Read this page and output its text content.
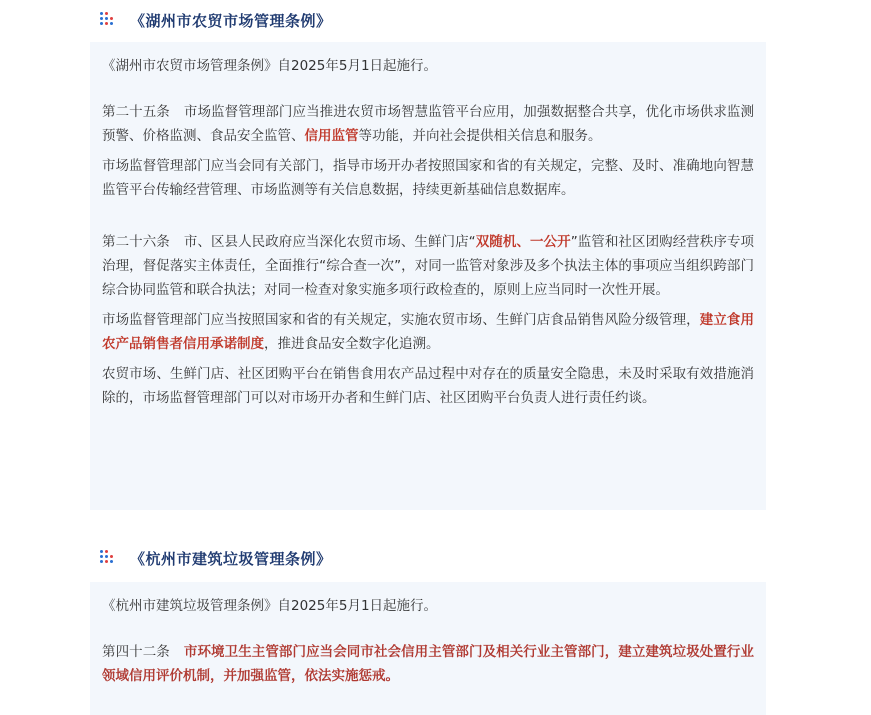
《湖州市农贸市场管理条例》

《湖州市农贸市场管理条例》自2025年5月1日起施行。

第二十五条 市场监督管理部门应当推进农贸市场智慧监管平台应用，加强数据整合共享，优化市场供求监测预警、价格监测、食品安全监管、信用监管等功能，并向社会提供相关信息和服务。

市场监督管理部门应当会同有关部门，指导市场开办者按照国家和省的有关规定，完整、及时、准确地向智慧监管平台传输经营管理、市场监测等有关信息数据，持续更新基础信息数据库。

第二十六条 市、区县人民政府应当深化农贸市场、生鲜门店“双随机、一公开”监管和社区团购经营秩序专项治理，督促落实主体责任，全面推行“综合查一次”，对同一监管对象涉及多个执法主体的事项应当组织跨部门综合协同监管和联合执法；对同一检查对象实施多项行政检查的，原则上应当同时一次性开展。

市场监督管理部门应当按照国家和省的有关规定，实施农贸市场、生鲜门店食品销售风险分级管理，建立食用农产品销售者信用承诺制度，推进食品安全数字化追溯。

农贸市场、生鲜门店、社区团购平台在销售食用农产品过程中对存在的质量安全隐患，未及时采取有效措施消除的，市场监督管理部门可以对市场开办者和生鲜门店、社区团购平台负责人进行责任约谈。

《杭州市建筑垃圾管理条例》

《杭州市建筑垃圾管理条例》自2025年5月1日起施行。

第四十二条 市环境卫生主管部门应当会同市社会信用主管部门及相关行业主管部门，建立建筑垃圾处置行业领域信用评价机制，并加强监管，依法实施惩戒。
